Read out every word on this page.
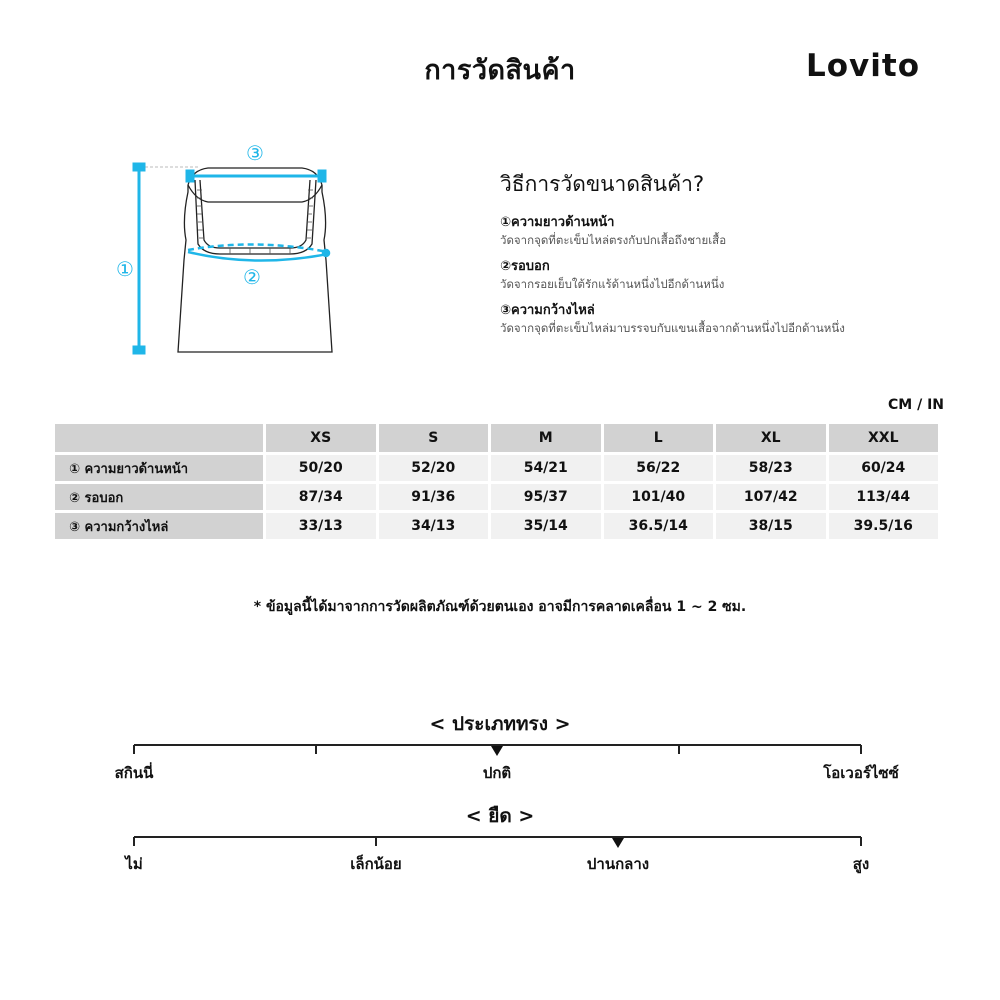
การวัดสินค้า	Lovito
①	②
③
วิธีการวัดขนาดสินค้า?
①ความยาวด้านหน้า
วัดจากจุดที่ตะเข็บไหล่ตรงกับปกเสื้อถึงชายเสื้อ
②รอบอก
วัดจากรอยเย็บใต้รักแร้ด้านหนึ่งไปอีกด้านหนึ่ง
③ความกว้างไหล่
วัดจากจุดที่ตะเข็บไหล่มาบรรจบกับแขนเสื้อจากด้านหนึ่งไปอีกด้านหนึ่ง
CM / IN
	XS	S	M	L	XL	XXL
① ความยาวด้านหน้า	50/20	52/20	54/21	56/22	58/23	60/24
② รอบอก	87/34	91/36	95/37	101/40	107/42	113/44
③ ความกว้างไหล่	33/13	34/13	35/14	36.5/14	38/15	39.5/16
* ข้อมูลนี้ได้มาจากการวัดผลิตภัณฑ์ด้วยตนเอง อาจมีการคลาดเคลื่อน 1 ~ 2 ซม.
< ประเภททรง >
สกินนี่	ปกติ	โอเวอร์ไซซ์
< ยืด >
ไม่	เล็กน้อย	ปานกลาง	สูง
